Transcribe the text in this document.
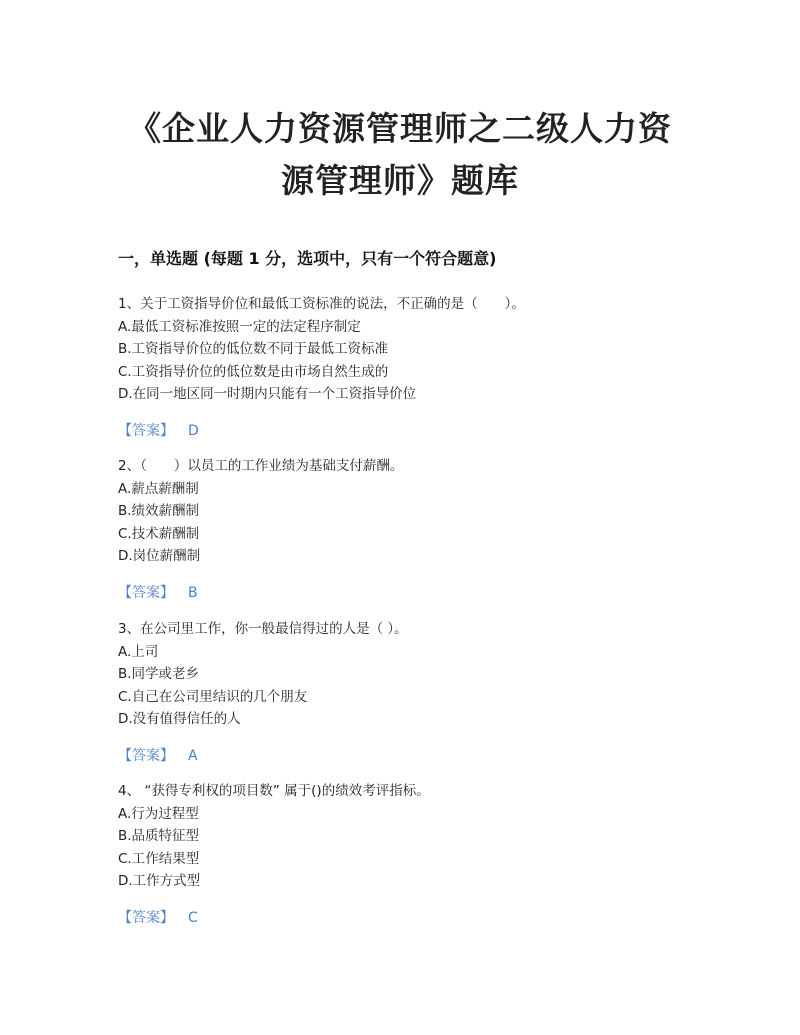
《企业人力资源管理师之二级人力资
源管理师》题库
一，单选题 (每题 1 分，选项中，只有一个符合题意)
1、关于工资指导价位和最低工资标准的说法，不正确的是（　　）。
A.最低工资标准按照一定的法定程序制定
B.工资指导价位的低位数不同于最低工资标准
C.工资指导价位的低位数是由市场自然生成的
D.在同一地区同一时期内只能有一个工资指导价位
【答案】 D
2、（　　）以员工的工作业绩为基础支付薪酬。
A.薪点薪酬制
B.绩效薪酬制
C.技术薪酬制
D.岗位薪酬制
【答案】 B
3、在公司里工作，你一般最信得过的人是（ ）。
A.上司
B.同学或老乡
C.自己在公司里结识的几个朋友
D.没有值得信任的人
【答案】 A
4、 “获得专利权的项目数” 属于()的绩效考评指标。
A.行为过程型
B.品质特征型
C.工作结果型
D.工作方式型
【答案】 C
